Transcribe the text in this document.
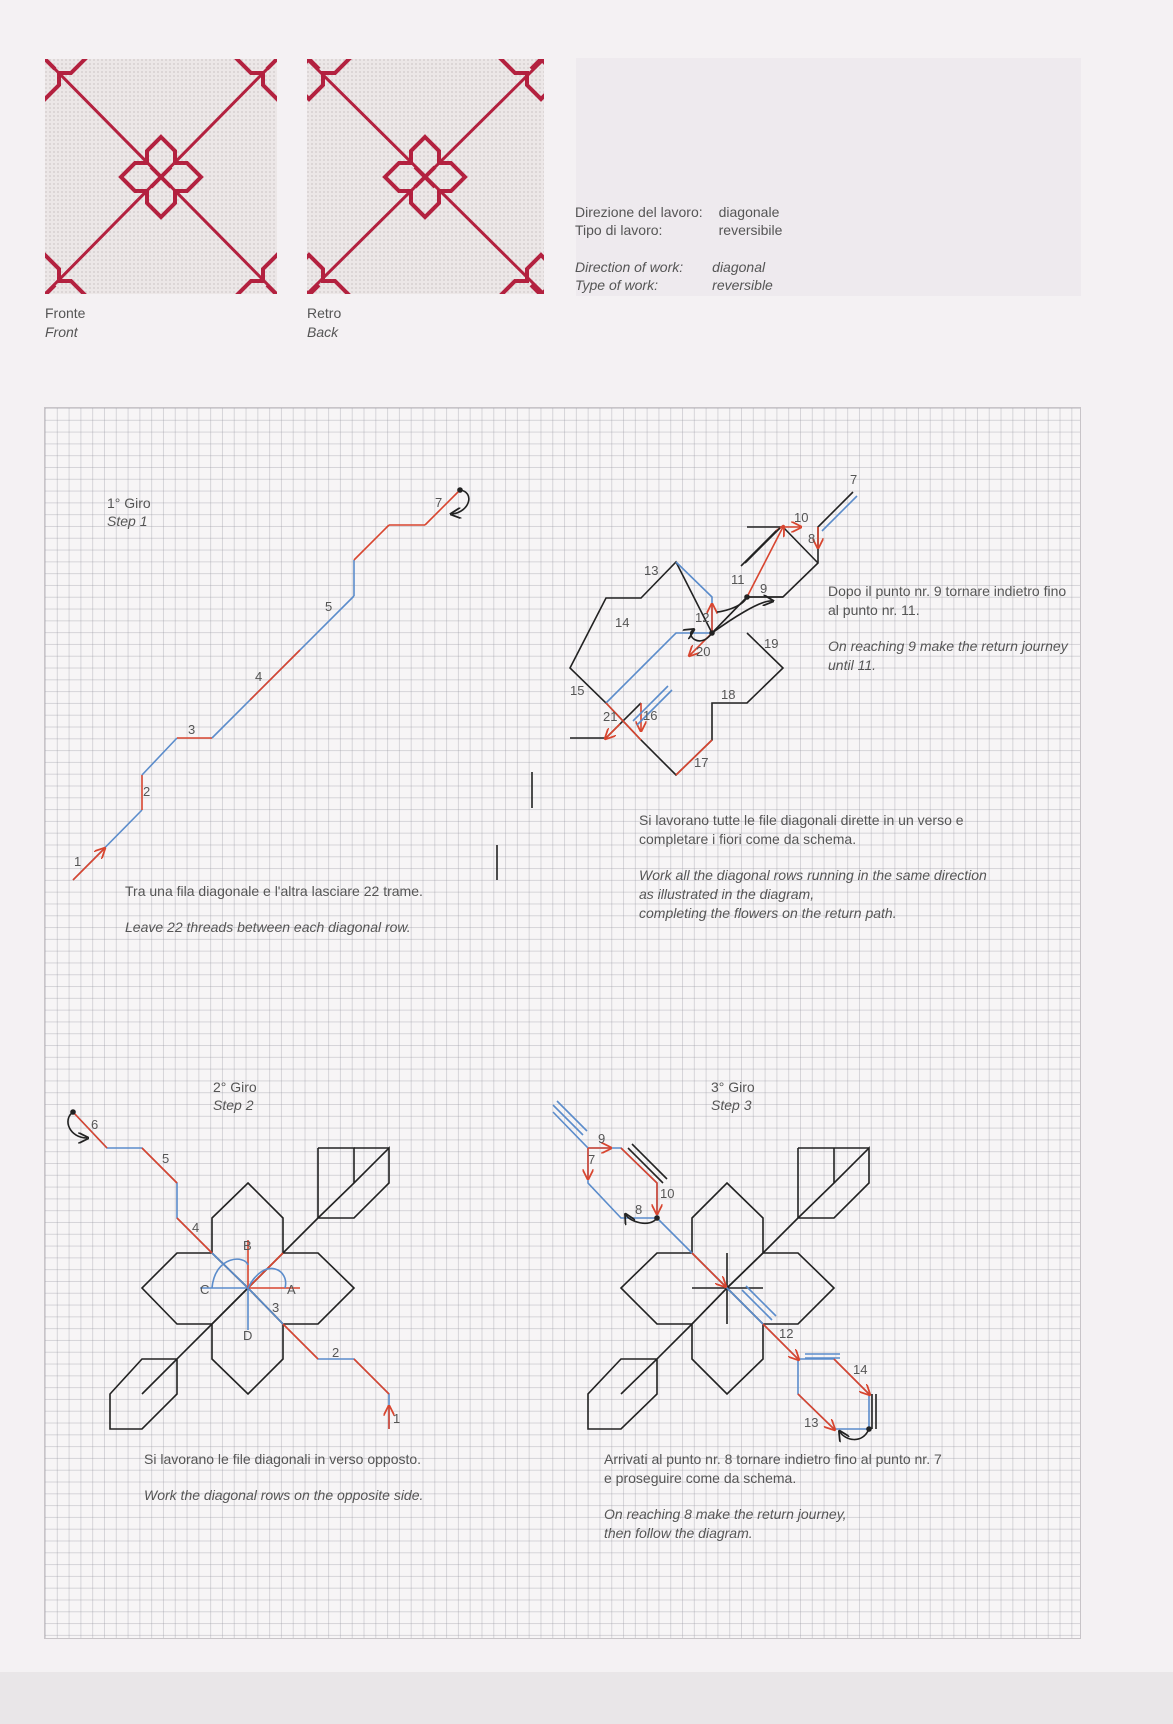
Fronte
Front
Retro
Back
Direzione del lavoro:	diagonale
Tipo di lavoro:	reversibile
Direction of work:	diagonal
Type of work:	reversible
1
2
3
4
5
7
7
8
9
10
11
12
13
14
15
16
17
18
19
20
21
1
2
3
4
5
6
A
B
C
D
7
8
9
10
12
13
14
1° Giro
Step 1
2° Giro
Step 2
3° Giro
Step 3

Tra una fila diagonale e l'altra lasciare 22 trame.

Leave 22 threads between each diagonal row.

Dopo il punto nr. 9 tornare indietro fino al punto nr. 11.

On reaching 9 make the return journey until 11.

Si lavorano tutte le file diagonali dirette in un verso e completare i fiori come da schema.

Work all the diagonal rows running in the same direction
as illustrated in the diagram,
completing the flowers on the return path.

Si lavorano le file diagonali in verso opposto.

Work the diagonal rows on the opposite side.

Arrivati al punto nr. 8 tornare indietro fino al punto nr. 7
e proseguire come da schema.

On reaching 8 make the return journey,
then follow the diagram.
